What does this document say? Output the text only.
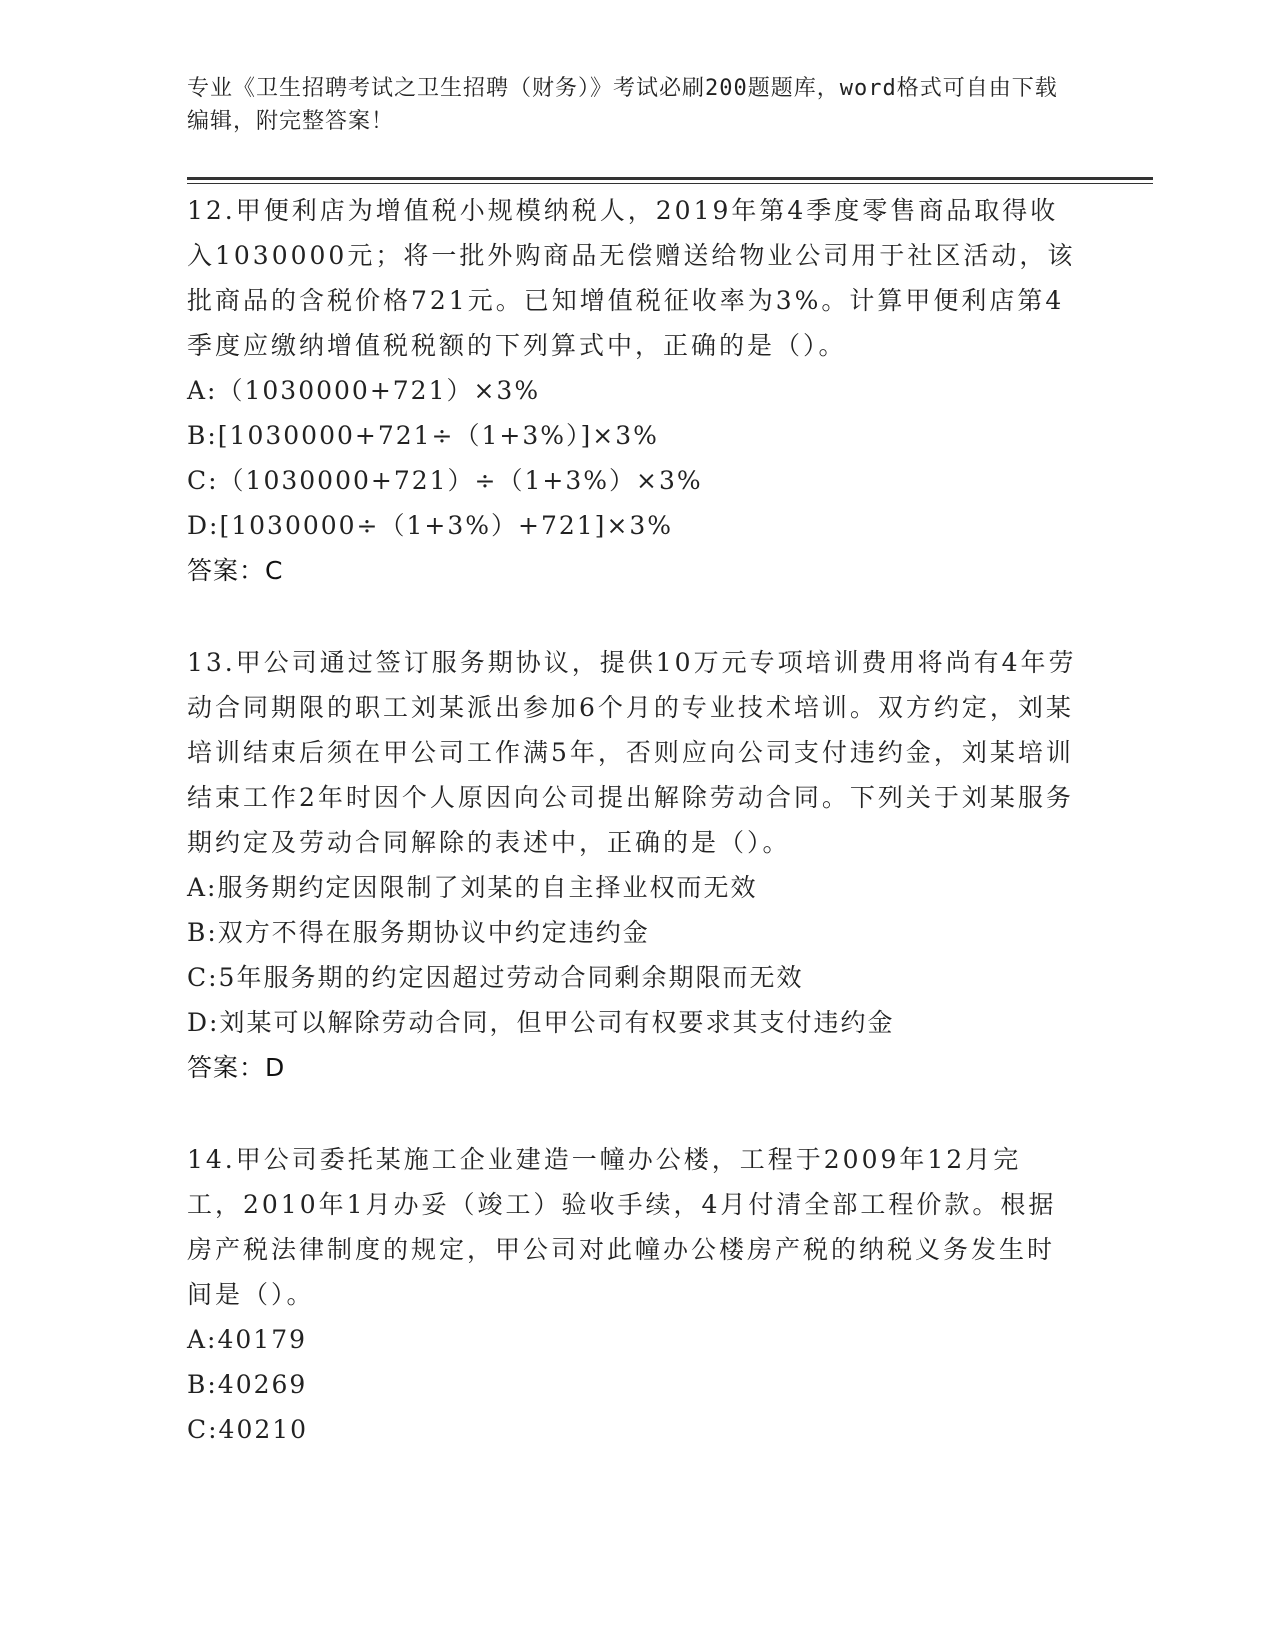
专业《卫生招聘考试之卫生招聘（财务）》考试必刷200题题库，word格式可自由下载编辑，附完整答案！

12.甲便利店为增值税小规模纳税人，2019年第4季度零售商品取得收入1030000元；将一批外购商品无偿赠送给物业公司用于社区活动，该批商品的含税价格721元。已知增值税征收率为3%。计算甲便利店第4季度应缴纳增值税税额的下列算式中，正确的是（）。

A:（1030000+721）×3%

B:[1030000+721÷（1+3%）]×3%

C:（1030000+721）÷（1+3%）×3%

D:[1030000÷（1+3%）+721]×3%

答案：C

13.甲公司通过签订服务期协议，提供10万元专项培训费用将尚有4年劳动合同期限的职工刘某派出参加6个月的专业技术培训。双方约定，刘某培训结束后须在甲公司工作满5年，否则应向公司支付违约金，刘某培训结束工作2年时因个人原因向公司提出解除劳动合同。下列关于刘某服务期约定及劳动合同解除的表述中，正确的是（）。

A:服务期约定因限制了刘某的自主择业权而无效

B:双方不得在服务期协议中约定违约金

C:5年服务期的约定因超过劳动合同剩余期限而无效

D:刘某可以解除劳动合同，但甲公司有权要求其支付违约金

答案：D

14.甲公司委托某施工企业建造一幢办公楼，工程于2009年12月完工，2010年1月办妥（竣工）验收手续，4月付清全部工程价款。根据房产税法律制度的规定，甲公司对此幢办公楼房产税的纳税义务发生时间是（）。

A:40179

B:40269

C:40210
